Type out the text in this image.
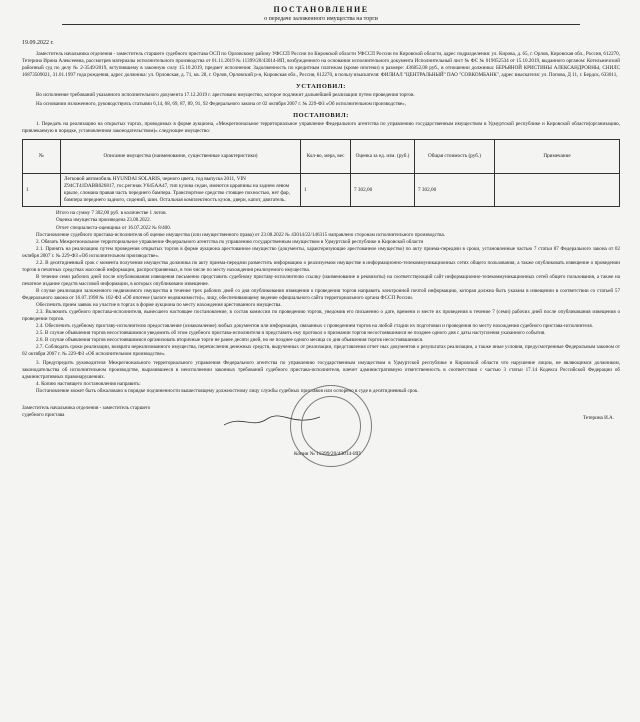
ПОСТАНОВЛЕНИЕ
о передаче заложенного имущества на торги
19.09.2022 г.

Заместитель начальника отделения - заместитель старшего судебного пристава ОСП по Орловскому району УФССП России по Кировской области УФССП России по Кировской области, адрес подразделения: ул. Кирова, д. 65, г. Орлов, Кировская обл., Россия, 612270, Тетерина Ирина Алексеевна, рассмотрев материалы исполнительного производства от 01.11.2019 № 11399/20/43014-ИП, возбужденного на основании исполнительного документа Исполнительный лист № ФС № 019052534 от 15.10.2019, выданного органом: Котельничский районный суд по делу № 2-3549/2019, вступившему в законную силу 15.10.2019, предмет исполнения: Задолженность по кредитным платежам (кроме ипотеки) в размере: 436852,08 руб., в отношении должника: БЕРЬЯНОЙ КРИСТИНЫ АЛЕКСАНДРОВНЫ, СНИЛС 16873509021, 31.01.1997 года рождения, адрес должника: ул. Орловская, д. 71, кв. 28, г. Орлов, Орловский р-н, Кировская обл., Россия, 612270, в пользу взыскателя: ФИЛИАЛ "ЦЕНТРАЛЬНЫЙ" ПАО "СОВКОМБАНК", адрес взыскателя: ул. Попова, Д 11, г. Бердск, 633011,

УСТАНОВИЛ:

Во исполнение требований указанного исполнительного документа 17.12.2019 г. арестовано имущество, которое подлежит дальнейшей реализации путем проведения торгов.

На основании изложенного, руководствуясь статьями 6,14, 68, 69, 87, 89, 91, 92 Федерального закона от 02 октября 2007 г. № 229-ФЗ «Об исполнительном производстве»,

ПОСТАНОВИЛ:

1. Передать на реализацию на открытых торгах, проводимых в форме аукциона, «Межрегиональное территориальное управление Федерального агентства по управлению государственным имуществом в Удмуртской республике и Кировской области(организацию, привлекаемую в порядке, установленном законодательством)» следующее имущество:

№	Описание имущества (наименование, существенные характеристики)	Кол-во, мера, вес	Оценка за ед. изм. (руб.)	Общая стоимость (руб.)	Примечание
1	Легковой автомобиль HYUNDAI SOLARIS, черного цвета, год выпуска 2011, VIN Z94CT41DABR026817, гос.регзнак У645АА47, тип кузова седан, имеются царапины на заднем левом крыле, сломана правая часть переднего бампера. Транспортное средство стоящее похностью, нет фар, бампера переднего задного, сидений, шин. Остальная комплектность кузов, двери, капот, двигатель.	1	7 302,00	7 302,00	
Итого на сумму 7 302,00 руб. в количестве 1 лотов.
Оценка имущества произведена 23.08.2022.
Отчет специалиста-оценщика от 16.07.2022 № 8/400.

Постановление судебного пристава-исполнителя об оценке имущества (или имущественного права) от 23.08.2022 № 43014/22/146315 направлено сторонам исполнительного производства.

2. Обязать Межрегиональное территориальное управление Федерального агентства по управлению государственным имуществом в Удмуртской республике и Кировской области

2.1. Принять на реализацию путем проведения открытых торгов в форме аукциона арестованное имущество (документы, характеризующие арестованное имущество) по акту приема-передачи в сроки, установленные частью 7 статьи 87 Федерального закона от 02 октября 2007 г. № 229-ФЗ «Об исполнительном производстве».

2.2. В десятидневный срок с момента получения имущества должника по акту приема-передачи разместить информацию о реализуемом имуществе в информационно-телекоммуникационных сетях общего пользования, а также опубликовать извещение о проведении торгов в печатных средствах массовой информации, распространяемых, в том числе по месту нахождения реализуемого имущества.

В течение семи рабочих дней после опубликования извещения письменно представить судебному приставу-исполнителю ссылку (наименование и реквизиты) на соответствующий сайт информационно-телекоммуникационных сетей общего пользования, а также на печатное издание средств массовой информации, в которых опубликовано извещение.

В случае реализации заложенного недвижимого имущества в течение трех рабочих дней со дня опубликования извещения о проведении торгов направить электронной почтой информацию, которая должна быть указана в извещении в соответствии со статьей 57 Федерального закона от 16.07.1998 № 102-ФЗ «Об ипотеке (залоге недвижимости)», лицу, обеспечивающему ведение официального сайта территориального органа ФССП России.

Обеспечить прием заявок на участие в торгах в форме аукциона по месту нахождения арестованного имущества.

2.3. Включить судебного пристава-исполнителя, вынесшего настоящее постановление, в состав комиссии по проведению торгов, уведомив его письменно о дате, времени и месте их проведения в течение 7 (семи) рабочих дней после опубликования извещения о проведении торгов.

2.4. Обеспечить судебному приставу-исполнителю предоставление (ознакомление) любых документов или информации, связанных с проведением торгов на любой стадии их подготовки и проведения по месту нахождения судебного пристава-исполнителя.

2.5. В случае объявления торгов несостоявшимися уведомить об этом судебного пристава-исполнителя и представить ему протокол о признании торгов несостоявшимися не позднее одного дня с даты наступления указанного события.

2.6. В случае объявления торгов несостоявшимися организовать вторичные торги не ранее десяти дней, но не позднее одного месяца со дня объявления торгов несостоявшимися.

2.7. Соблюдать сроки реализации, возврата нереализованного имущества, перечисления денежных средств, вырученных от реализации, представления отчет ных документов о результатах реализации, а также иные условия, предусмотренные Федеральным законом от 02 октября 2007 г. № 229-ФЗ «Об исполнительном производстве».

3. Предупредить руководителя Межрегионального территориального управления Федерального агентства по управлению государственным имуществом в Удмуртской республике и Кировской области что нарушение лицом, не являющимся должником, законодательства об исполнительном производстве, выразившееся в неисполнении законных требований судебного пристава-исполнителя, влечет административную ответственность в соответствии с частью 3 статьи 17.14 Кодекса Российской Федерации об административных правонарушениях.

4. Копию настоящего постановления направить:

Постановление может быть обжаловано в порядке подчиненности вышестоящему должностному лицу службы судебных приставов или оспорено в суде в десятидневный срок.

Заместитель начальника отделения - заместитель старшего судебного пристава
Копия № 11399/20/43014-ИП
Тетерина И.А.
